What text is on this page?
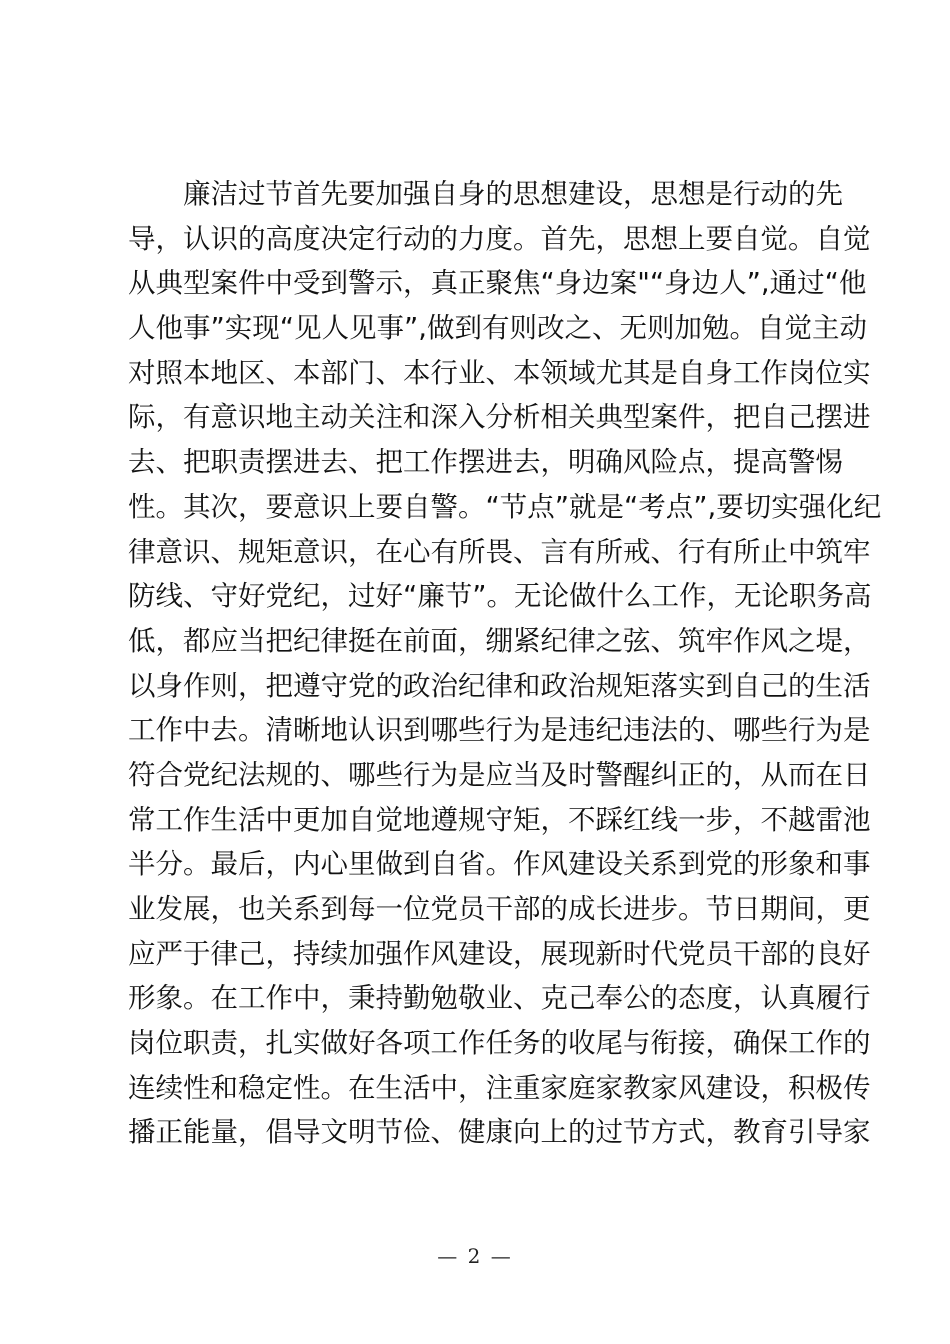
廉洁过节首先要加强自身的思想建设，思想是行动的先
导，认识的高度决定行动的力度。首先，思想上要自觉。自觉
从典型案件中受到警示，真正聚焦“身边案"“身边人”,通过“他
人他事”实现“见人见事”,做到有则改之、无则加勉。自觉主动
对照本地区、本部门、本行业、本领域尤其是自身工作岗位实
际，有意识地主动关注和深入分析相关典型案件，把自己摆进
去、把职责摆进去、把工作摆进去，明确风险点，提高警惕
性。其次，要意识上要自警。“节点”就是“考点”,要切实强化纪
律意识、规矩意识，在心有所畏、言有所戒、行有所止中筑牢
防线、守好党纪，过好“廉节”。无论做什么工作，无论职务高
低，都应当把纪律挺在前面，绷紧纪律之弦、筑牢作风之堤，
以身作则，把遵守党的政治纪律和政治规矩落实到自己的生活
工作中去。清晰地认识到哪些行为是违纪违法的、哪些行为是
符合党纪法规的、哪些行为是应当及时警醒纠正的，从而在日
常工作生活中更加自觉地遵规守矩，不踩红线一步，不越雷池
半分。最后，内心里做到自省。作风建设关系到党的形象和事
业发展，也关系到每一位党员干部的成长进步。节日期间，更
应严于律己，持续加强作风建设，展现新时代党员干部的良好
形象。在工作中，秉持勤勉敬业、克己奉公的态度，认真履行
岗位职责，扎实做好各项工作任务的收尾与衔接，确保工作的
连续性和稳定性。在生活中，注重家庭家教家风建设，积极传
播正能量，倡导文明节俭、健康向上的过节方式，教育引导家
— 2 —
